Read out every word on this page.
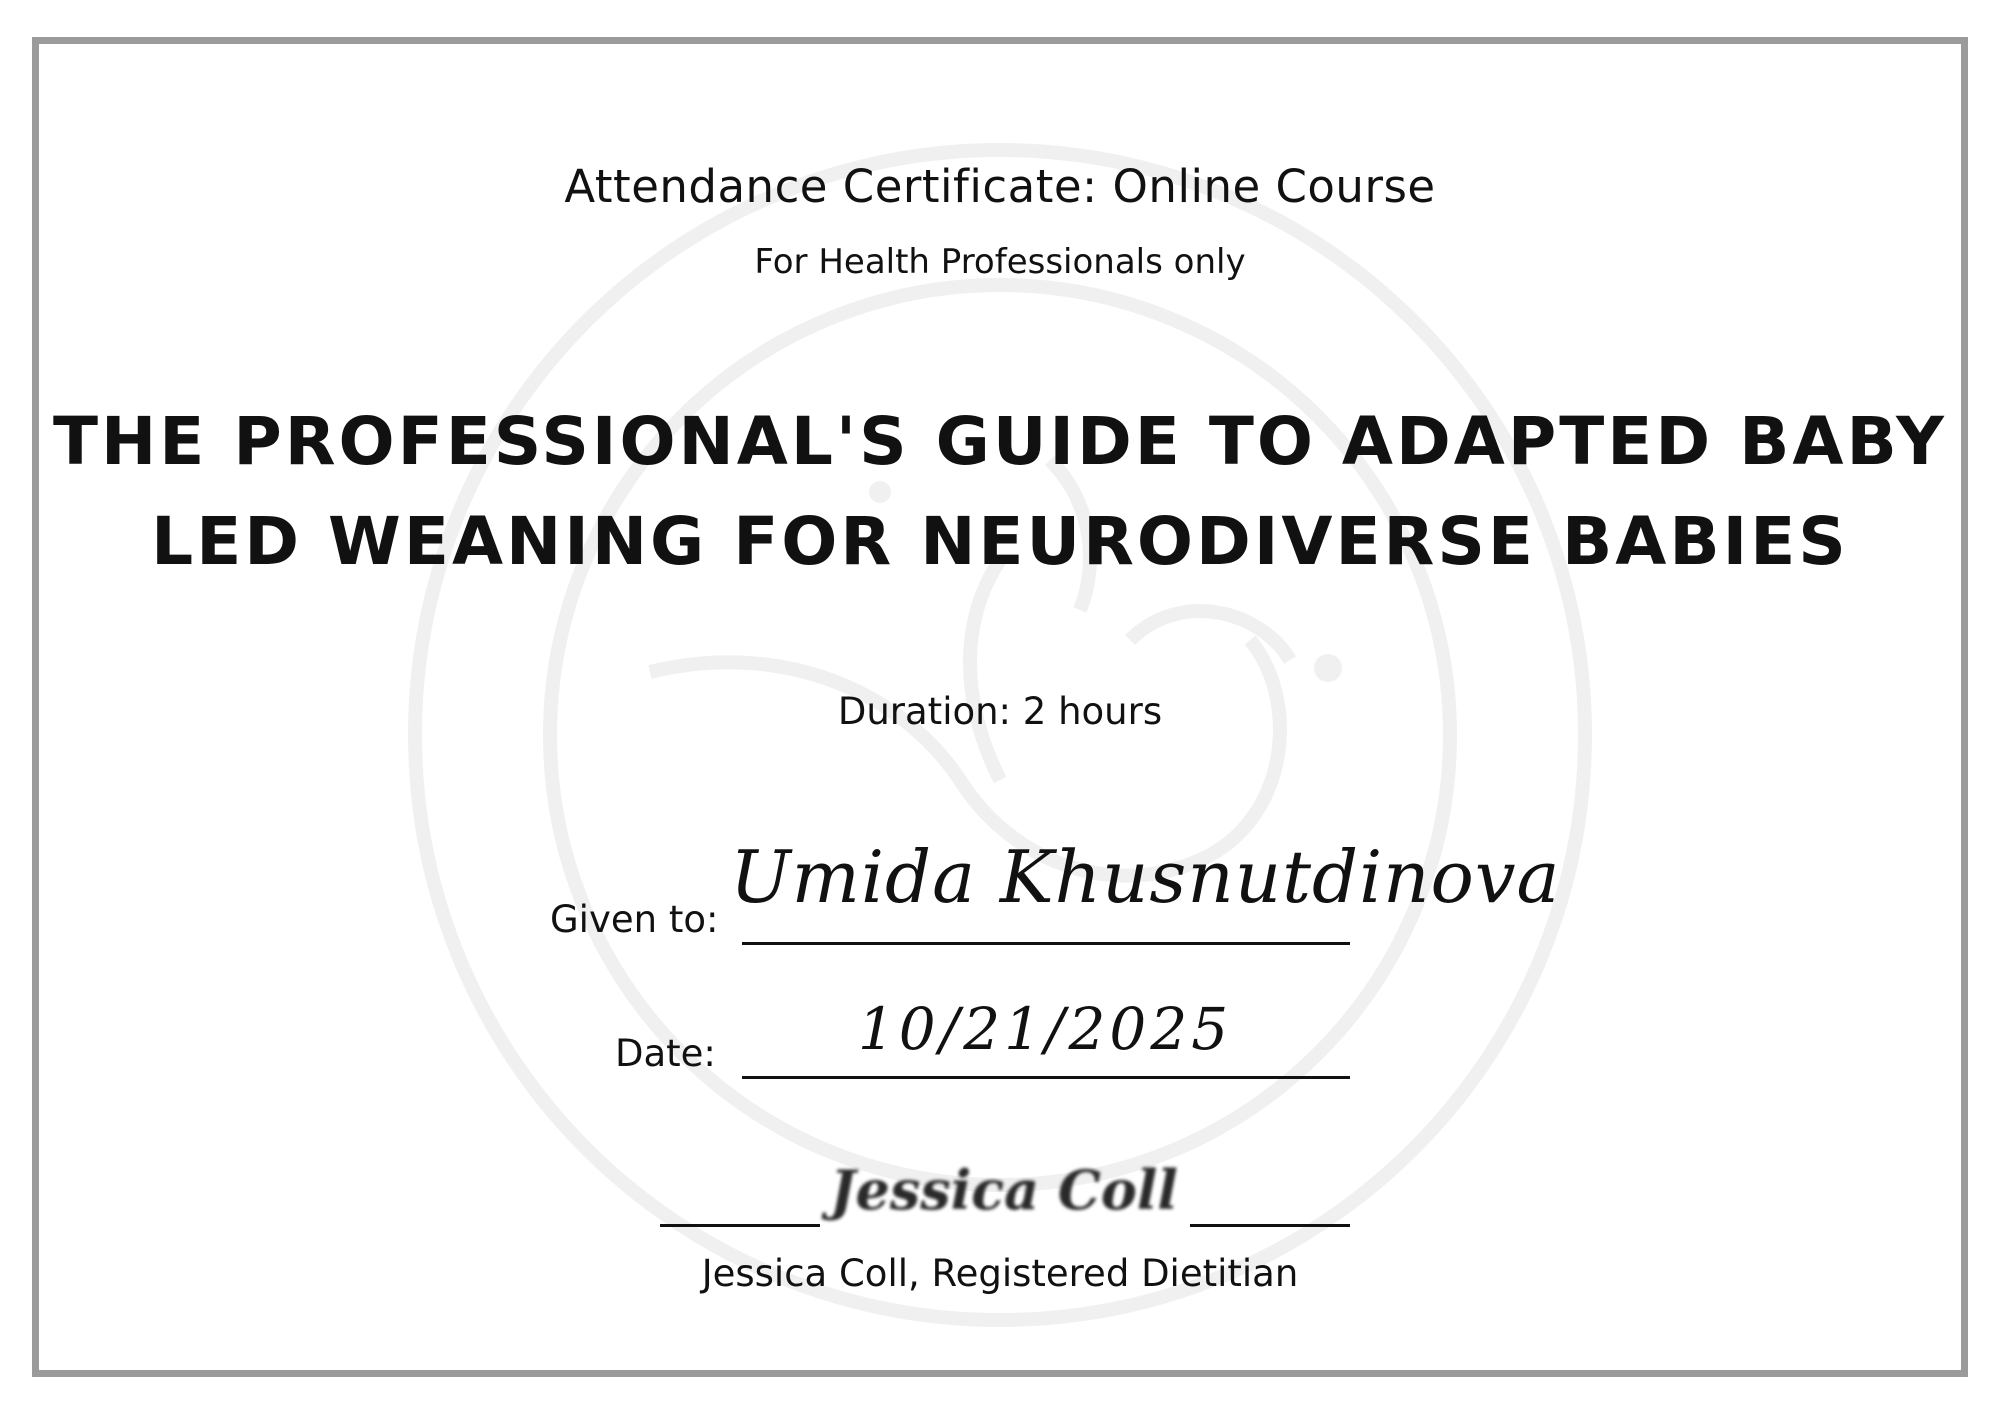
Attendance Certificate: Online Course
For Health Professionals only
THE PROFESSIONAL'S GUIDE TO ADAPTED BABY
LED WEANING FOR NEURODIVERSE BABIES
Duration: 2 hours
Given to:
Umida Khusnutdinova
Date:	10/21/2025
Jessica Coll
Jessica Coll, Registered Dietitian
